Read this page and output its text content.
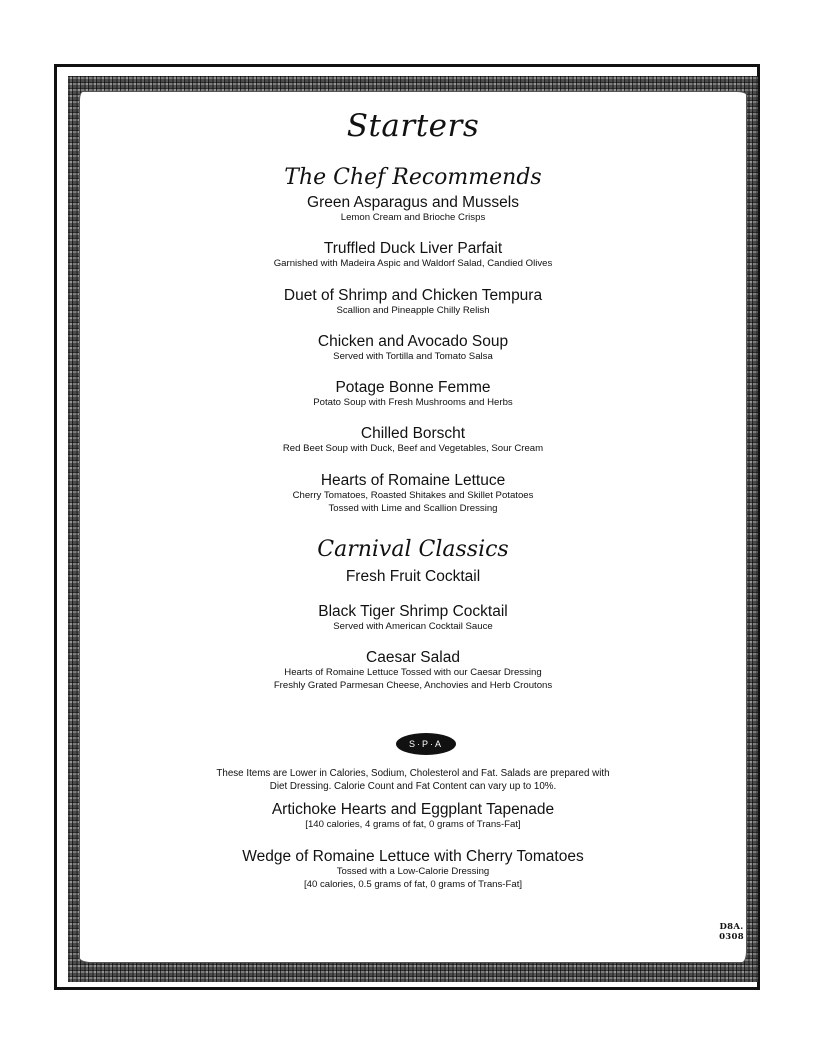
Starters
The Chef Recommends
Green Asparagus and Mussels
Lemon Cream and Brioche Crisps
Truffled Duck Liver Parfait
Garnished with Madeira Aspic and Waldorf Salad, Candied Olives
Duet of Shrimp and Chicken Tempura
Scallion and Pineapple Chilly Relish
Chicken and Avocado Soup
Served with Tortilla and Tomato Salsa
Potage Bonne Femme
Potato Soup with Fresh Mushrooms and Herbs
Chilled Borscht
Red Beet Soup with Duck, Beef and Vegetables, Sour Cream
Hearts of Romaine Lettuce
Cherry Tomatoes, Roasted Shitakes and Skillet Potatoes
Tossed with Lime and Scallion Dressing
Carnival Classics
Fresh Fruit Cocktail
Black Tiger Shrimp Cocktail
Served with American Cocktail Sauce
Caesar Salad
Hearts of Romaine Lettuce Tossed with our Caesar Dressing
Freshly Grated Parmesan Cheese, Anchovies and Herb Croutons
S·P·A
These Items are Lower in Calories, Sodium, Cholesterol and Fat. Salads are prepared with
Diet Dressing. Calorie Count and Fat Content can vary up to 10%.
Artichoke Hearts and Eggplant Tapenade
[140 calories, 4 grams of fat, 0 grams of Trans-Fat]
Wedge of Romaine Lettuce with Cherry Tomatoes
Tossed with a Low-Calorie Dressing
[40 calories, 0.5 grams of fat, 0 grams of Trans-Fat]
D8A. 0308
